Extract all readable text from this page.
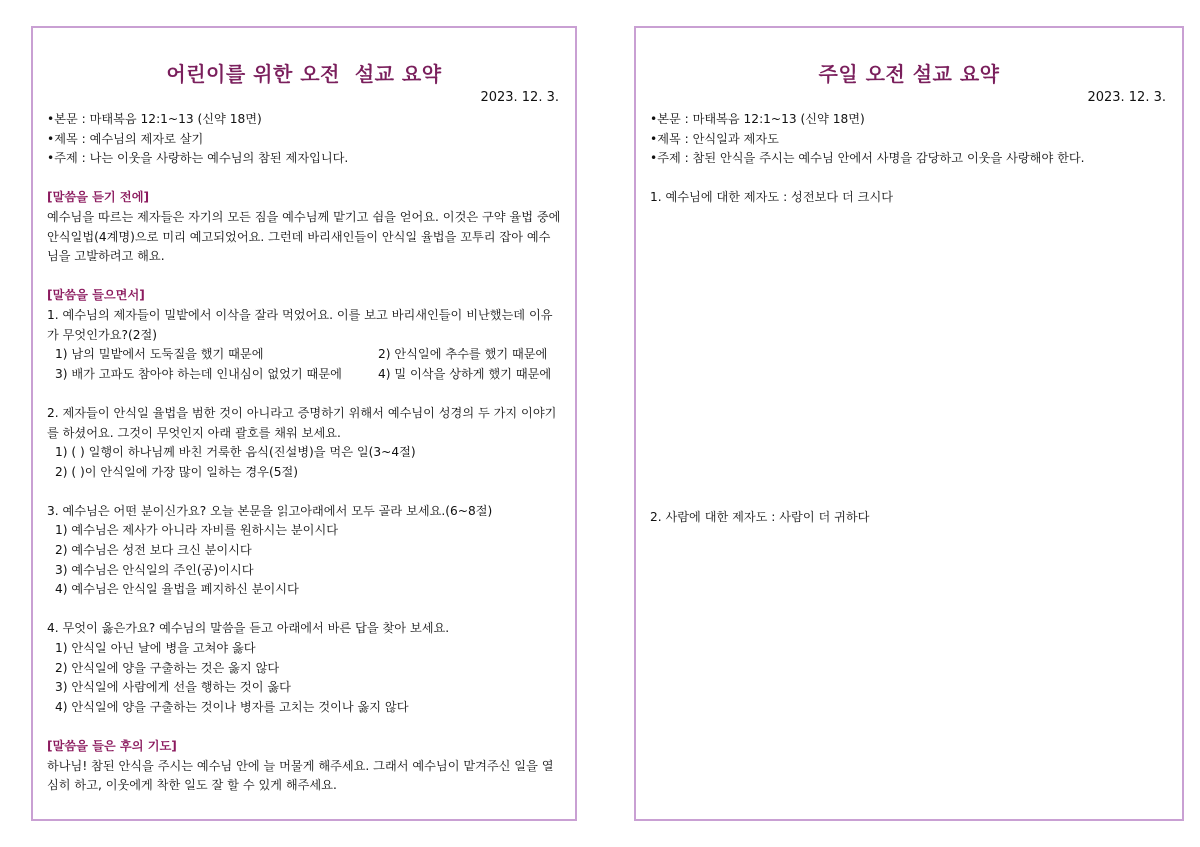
어린이를 위한 오전  설교 요약
2023. 12. 3.
•본문 : 마태복음 12:1~13 (신약 18면)
•제목 : 예수님의 제자로 살기
•주제 : 나는 이웃을 사랑하는 예수님의 참된 제자입니다.
[말씀을 듣기 전에]
예수님을 따르는 제자들은 자기의 모든 짐을 예수님께 맡기고 쉼을 얻어요. 이것은 구약 율법 중에 안식일법(4계명)으로 미리 예고되었어요. 그런데 바리새인들이 안식일 율법을 꼬투리 잡아 예수님을 고발하려고 해요.
[말씀을 들으면서]
1. 예수님의 제자들이 밀밭에서 이삭을 잘라 먹었어요. 이를 보고 바리새인들이 비난했는데 이유가 무엇인가요?(2절)
1) 남의 밀밭에서 도둑질을 했기 때문에	2) 안식일에 추수를 했기 때문에
3) 배가 고파도 참아야 하는데 인내심이 없었기 때문에	4) 밀 이삭을 상하게 했기 때문에
2. 제자들이 안식일 율법을 범한 것이 아니라고 증명하기 위해서 예수님이 성경의 두 가지 이야기를 하셨어요. 그것이 무엇인지 아래 괄호를 채워 보세요.
1) ( ) 일행이 하나님께 바친 거룩한 음식(진설병)을 먹은 일(3~4절)
2) ( )이 안식일에 가장 많이 일하는 경우(5절)
3. 예수님은 어떤 분이신가요? 오늘 본문을 읽고아래에서 모두 골라 보세요.(6~8절)
1) 예수님은 제사가 아니라 자비를 원하시는 분이시다
2) 예수님은 성전 보다 크신 분이시다
3) 예수님은 안식일의 주인(공)이시다
4) 예수님은 안식일 율법을 폐지하신 분이시다
4. 무엇이 옳은가요? 예수님의 말씀을 듣고 아래에서 바른 답을 찾아 보세요.
1) 안식일 아닌 날에 병을 고쳐야 옳다
2) 안식일에 양을 구출하는 것은 옳지 않다
3) 안식일에 사람에게 선을 행하는 것이 옳다
4) 안식일에 양을 구출하는 것이나 병자를 고치는 것이나 옳지 않다
[말씀을 들은 후의 기도]
하나님! 참된 안식을 주시는 예수님 안에 늘 머물게 해주세요. 그래서 예수님이 맡겨주신 일을 열심히 하고, 이웃에게 착한 일도 잘 할 수 있게 해주세요.
주일 오전 설교 요약
2023. 12. 3.
•본문 : 마태복음 12:1~13 (신약 18면)
•제목 : 안식일과 제자도
•주제 : 참된 안식을 주시는 예수님 안에서 사명을 감당하고 이웃을 사랑해야 한다.
1. 예수님에 대한 제자도 : 성전보다 더 크시다
2. 사람에 대한 제자도 : 사람이 더 귀하다
